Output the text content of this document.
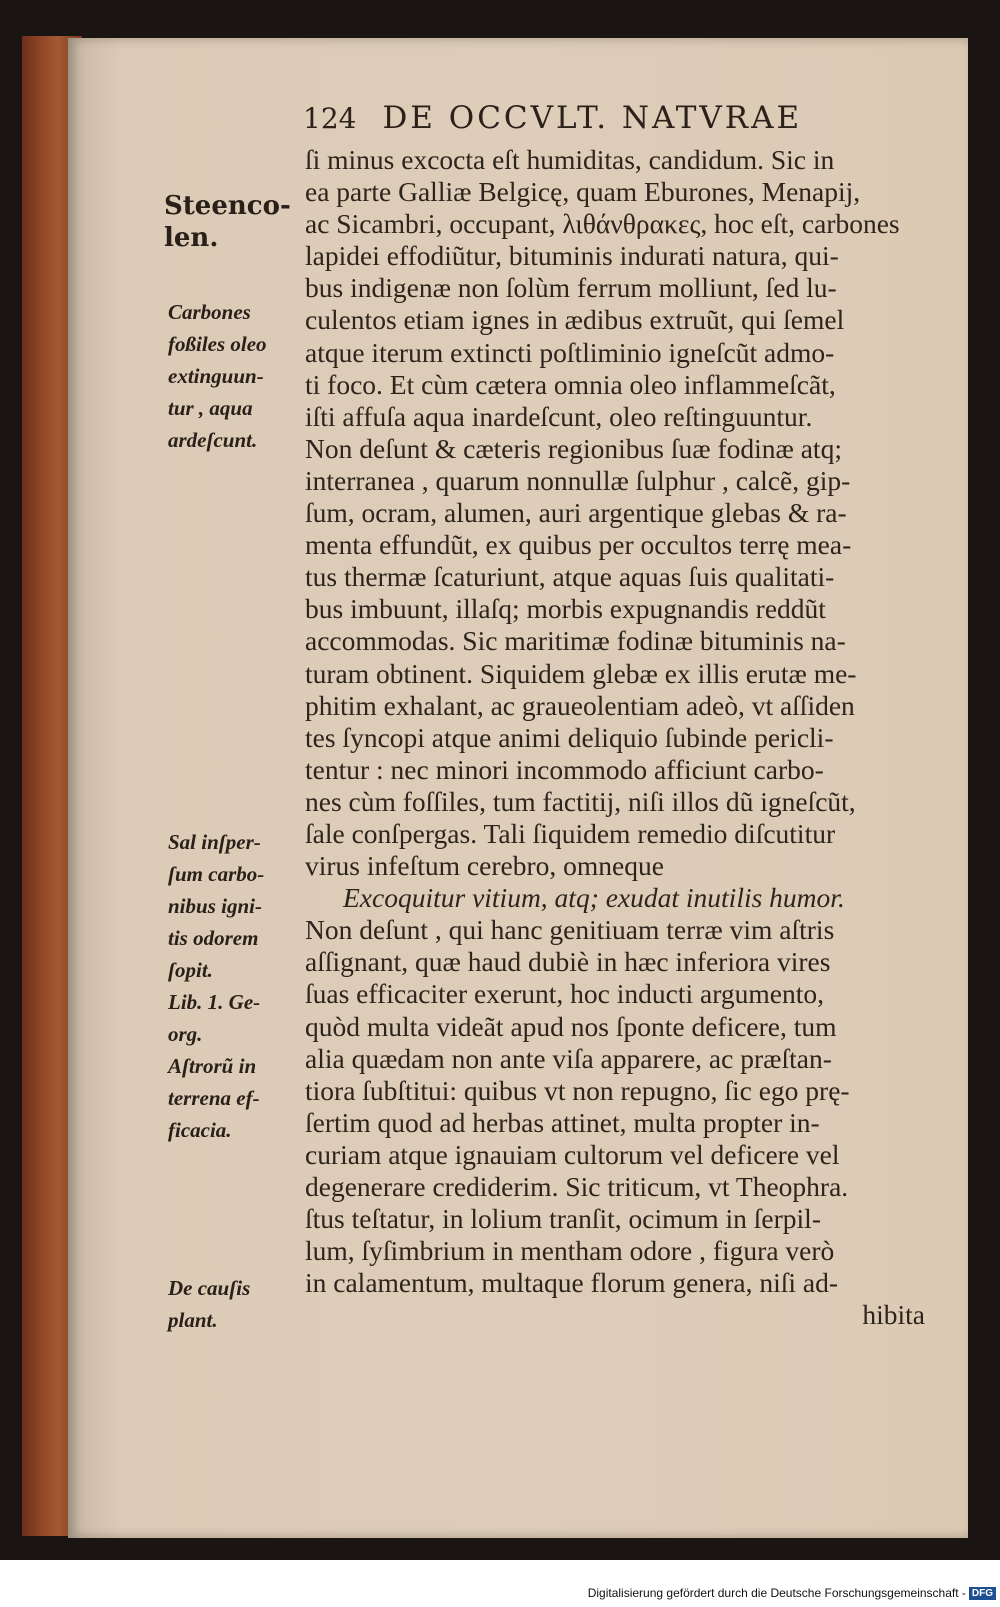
124 DE OCCVLT. NATVRAE
Steenco-
len.
Carbones
foßiles oleo
extinguun-
tur , aqua
ardeſcunt.
Sal inſper-
ſum carbo-
nibus igni-
tis odorem
ſopit.
Lib. 1. Ge-
org.
Aſtrorũ in
terrena ef-
ficacia.
De cauſis
plant.
ſi minus excocta eſt humiditas, candidum. Sic in
ea parte Galliæ Belgicę, quam Eburones, Menapij,
ac Sicambri, occupant, λιθάνθρακες, hoc eſt, carbones
lapidei effodiũtur, bituminis indurati natura, qui-
bus indigenæ non ſolùm ferrum molliunt, ſed lu-
culentos etiam ignes in ædibus extruũt, qui ſemel
atque iterum extincti poſtliminio igneſcũt admo-
ti foco. Et cùm cætera omnia oleo inflammeſcãt,
iſti affuſa aqua inardeſcunt, oleo reſtinguuntur.
Non deſunt & cæteris regionibus ſuæ fodinæ atq;
interranea , quarum nonnullæ ſulphur , calcẽ, gip-
ſum, ocram, alumen, auri argentique glebas & ra-
menta effundũt, ex quibus per occultos terrę mea-
tus thermæ ſcaturiunt, atque aquas ſuis qualitati-
bus imbuunt, illaſq; morbis expugnandis reddũt
accommodas. Sic maritimæ fodinæ bituminis na-
turam obtinent. Siquidem glebæ ex illis erutæ me-
phitim exhalant, ac graueolentiam adeò, vt aſſiden
tes ſyncopi atque animi deliquio ſubinde pericli-
tentur : nec minori incommodo afficiunt carbo-
nes cùm foſſiles, tum factitij, niſi illos dũ igneſcũt,
ſale conſpergas. Tali ſiquidem remedio diſcutitur
virus infeſtum cerebro, omneque
Excoquitur vitium, atq; exudat inutilis humor.
Non deſunt , qui hanc genitiuam terræ vim aſtris
aſſignant, quæ haud dubiè in hæc inferiora vires
ſuas efficaciter exerunt, hoc inducti argumento,
quòd multa videãt apud nos ſponte deficere, tum
alia quædam non ante viſa apparere, ac præſtan-
tiora ſubſtitui: quibus vt non repugno, ſic ego prę-
ſertim quod ad herbas attinet, multa propter in-
curiam atque ignauiam cultorum vel deficere vel
degenerare crediderim. Sic triticum, vt Theophra.
ſtus teſtatur, in lolium tranſit, ocimum in ſerpil-
lum, ſyſimbrium in mentham odore , figura verò
in calamentum, multaque florum genera, niſi ad-
hibita
Digitalisierung gefördert durch die Deutsche Forschungsgemeinschaft - DFG
